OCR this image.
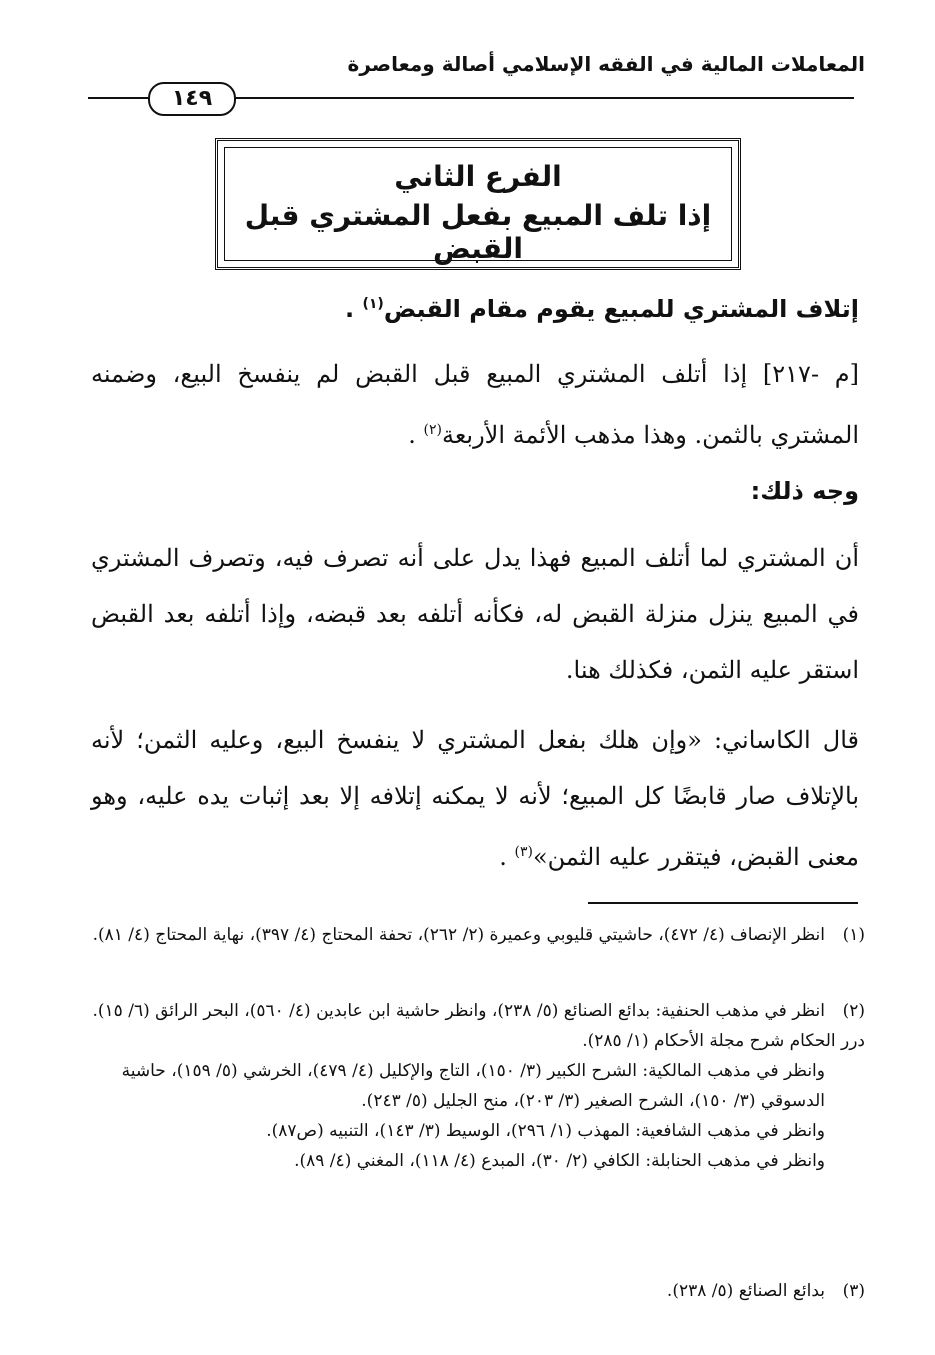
المعاملات المالية في الفقه الإسلامي أصالة ومعاصرة
١٤٩
الفرع الثاني
إذا تلف المبيع بفعل المشتري قبل القبض
إتلاف المشتري للمبيع يقوم مقام القبض$^{(١)}$ .
[م -٢١٧] إذا أتلف المشتري المبيع قبل القبض لم ينفسخ البيع، وضمنه المشتري بالثمن. وهذا مذهب الأئمة الأربعة$^{(٢)}$ .
وجه ذلك:
أن المشتري لما أتلف المبيع فهذا يدل على أنه تصرف فيه، وتصرف المشتري في المبيع ينزل منزلة القبض له، فكأنه أتلفه بعد قبضه، وإذا أتلفه بعد القبض استقر عليه الثمن، فكذلك هنا.
قال الكاساني: «وإن هلك بفعل المشتري لا ينفسخ البيع، وعليه الثمن؛ لأنه بالإتلاف صار قابضًا كل المبيع؛ لأنه لا يمكنه إتلافه إلا بعد إثبات يده عليه، وهو معنى القبض، فيتقرر عليه الثمن»$^{(٣)}$ .
(١)انظر الإنصاف (٤/ ٤٧٢)، حاشيتي قليوبي وعميرة (٢/ ٢٦٢)، تحفة المحتاج (٤/ ٣٩٧)، نهاية المحتاج (٤/ ٨١).
(٢)انظر في مذهب الحنفية: بدائع الصنائع (٥/ ٢٣٨)، وانظر حاشية ابن عابدين (٤/ ٥٦٠)، البحر الرائق (٦/ ١٥). درر الحكام شرح مجلة الأحكام (١/ ٢٨٥).
وانظر في مذهب المالكية: الشرح الكبير (٣/ ١٥٠)، التاج والإكليل (٤/ ٤٧٩)، الخرشي (٥/ ١٥٩)، حاشية الدسوقي (٣/ ١٥٠)، الشرح الصغير (٣/ ٢٠٣)، منح الجليل (٥/ ٢٤٣).
وانظر في مذهب الشافعية: المهذب (١/ ٢٩٦)، الوسيط (٣/ ١٤٣)، التنبيه (ص٨٧).
وانظر في مذهب الحنابلة: الكافي (٢/ ٣٠)، المبدع (٤/ ١١٨)، المغني (٤/ ٨٩).
(٣)بدائع الصنائع (٥/ ٢٣٨).
